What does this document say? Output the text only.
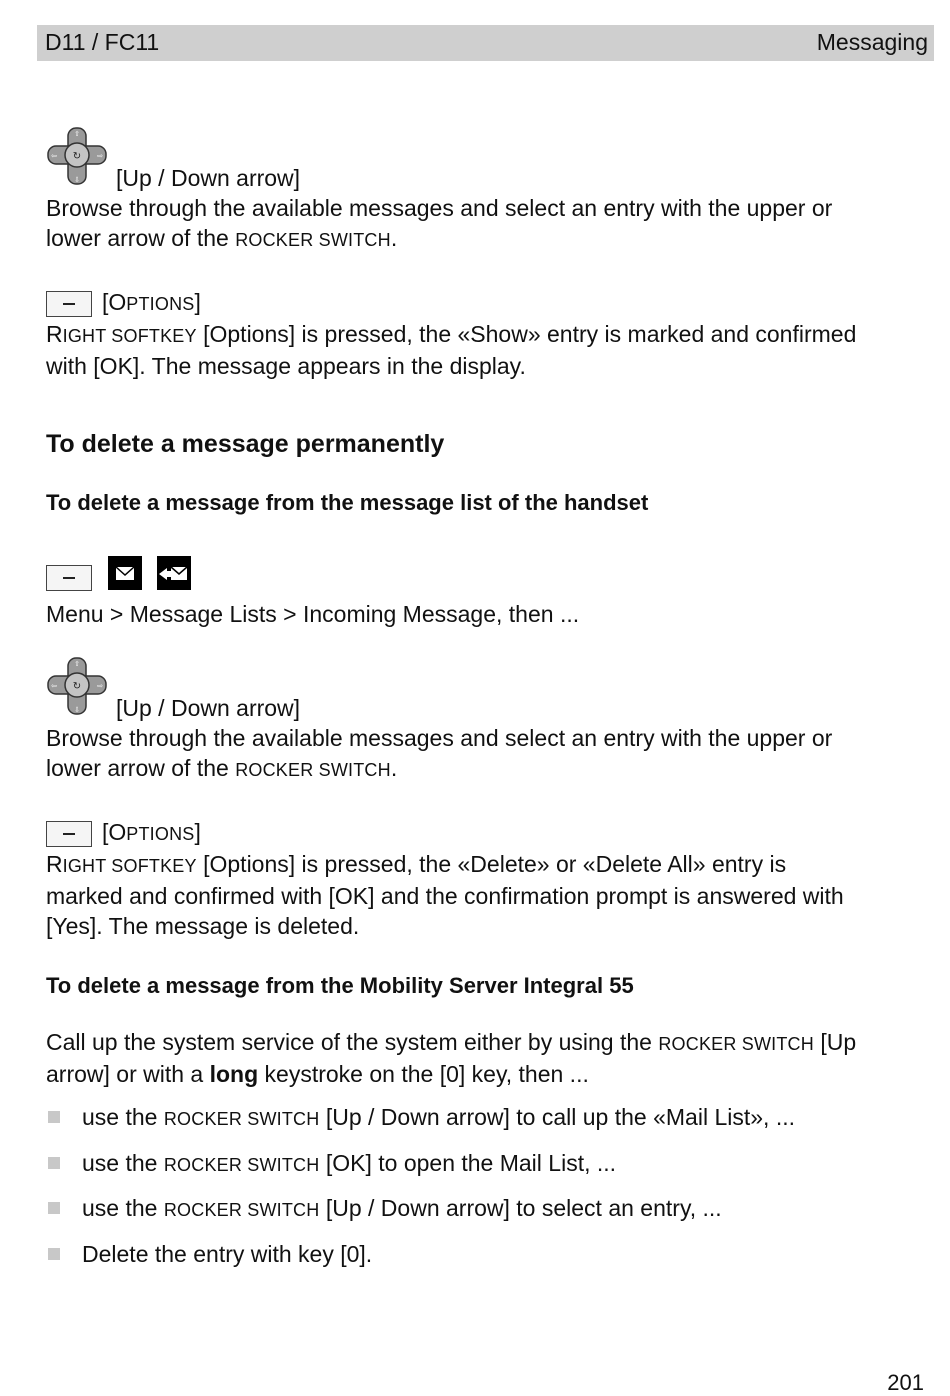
D11 / FC11	Messaging

⇧
⇩
⇦	⇨
↻
[Up / Down arrow]

Browse through the available messages and select an entry with the upper or
lower arrow of the ROCKER SWITCH.

[OPTIONS]

RIGHT SOFTKEY [Options] is pressed, the «Show» entry is marked and confirmed
with [OK]. The message appears in the display.

To delete a message permanently

To delete a message from the message list of the handset

Menu > Message Lists > Incoming Message, then ...

⇧
⇩
⇦	⇨
↻
[Up / Down arrow]

Browse through the available messages and select an entry with the upper or
lower arrow of the ROCKER SWITCH.

[OPTIONS]

RIGHT SOFTKEY [Options] is pressed, the «Delete» or «Delete All» entry is
marked and confirmed with [OK] and the confirmation prompt is answered with
[Yes]. The message is deleted.

To delete a message from the Mobility Server Integral 55

Call up the system service of the system either by using the ROCKER SWITCH [Up
arrow] or with a long keystroke on the [0] key, then ...

use the ROCKER SWITCH [Up / Down arrow] to call up the «Mail List», ...
use the ROCKER SWITCH [OK] to open the Mail List, ...
use the ROCKER SWITCH [Up / Down arrow] to select an entry, ...
Delete the entry with key [0].
201
